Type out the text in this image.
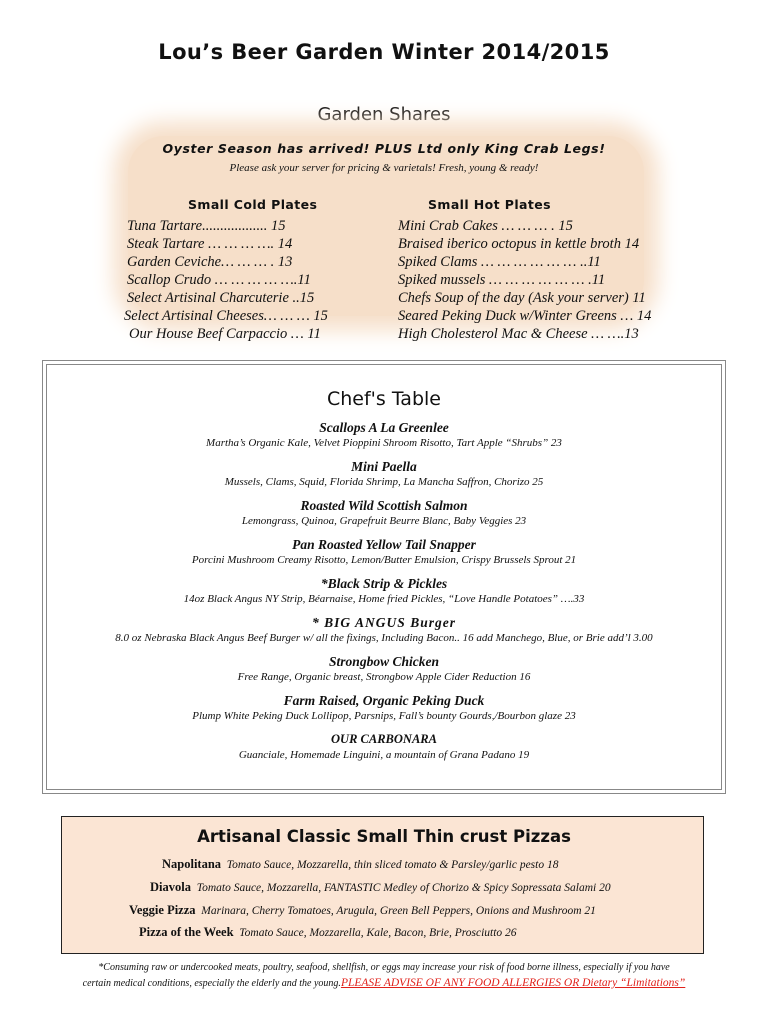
Lou’s Beer Garden Winter 2014/2015
Garden Shares
Oyster Season has arrived! PLUS Ltd only King Crab Legs!
Please ask your server for pricing & varietals! Fresh, young & ready!
Small Cold Plates	Small Hot Plates
Tuna Tartare.................. 15
Steak Tartare … … … …. 14
Garden Ceviche… … … . 13
Scallop Crudo … … … … ….11
Select Artisinal Charcuterie ..15
Select Artisinal Cheeses… … … 15
Our House Beef Carpaccio … 11
Mini Crab Cakes … … … . 15
Braised iberico octopus in kettle broth 14
Spiked Clams … … … … … … ..11
Spiked mussels … … … … … … .11
Chefs Soup of the day (Ask your server) 11
Seared Peking Duck w/Winter Greens … 14
High Cholesterol Mac & Cheese … ….13
Chef's Table
Scallops A La Greenlee
Martha’s Organic Kale, Velvet Pioppini Shroom Risotto, Tart Apple “Shrubs” 23
Mini Paella
Mussels, Clams, Squid, Florida Shrimp, La Mancha Saffron, Chorizo 25
Roasted Wild Scottish Salmon
Lemongrass, Quinoa, Grapefruit Beurre Blanc, Baby Veggies 23
Pan Roasted Yellow Tail Snapper
Porcini Mushroom Creamy Risotto, Lemon/Butter Emulsion, Crispy Brussels Sprout 21
*Black Strip & Pickles
14oz Black Angus NY Strip, Béarnaise, Home fried Pickles, “Love Handle Potatoes” ….33
* BIG ANGUS Burger
8.0 oz Nebraska Black Angus Beef Burger w/ all the fixings, Including Bacon.. 16 add Manchego, Blue, or Brie add’l 3.00
Strongbow Chicken
Free Range, Organic breast, Strongbow Apple Cider Reduction 16
Farm Raised, Organic Peking Duck
Plump White Peking Duck Lollipop, Parsnips, Fall’s bounty Gourds,/Bourbon glaze 23
OUR CARBONARA
Guanciale, Homemade Linguini, a mountain of Grana Padano 19
Artisanal Classic Small Thin crust Pizzas
Napolitana Tomato Sauce, Mozzarella, thin sliced tomato & Parsley/garlic pesto 18
Diavola Tomato Sauce, Mozzarella, FANTASTIC Medley of Chorizo & Spicy Sopressata Salami 20
Veggie Pizza Marinara, Cherry Tomatoes, Arugula, Green Bell Peppers, Onions and Mushroom 21
Pizza of the Week Tomato Sauce, Mozzarella, Kale, Bacon, Brie, Prosciutto 26
*Consuming raw or undercooked meats, poultry, seafood, shellfish, or eggs may increase your risk of food borne illness, especially if you have
certain medical conditions, especially the elderly and the young.PLEASE ADVISE OF ANY FOOD ALLERGIES OR Dietary “Limitations”
